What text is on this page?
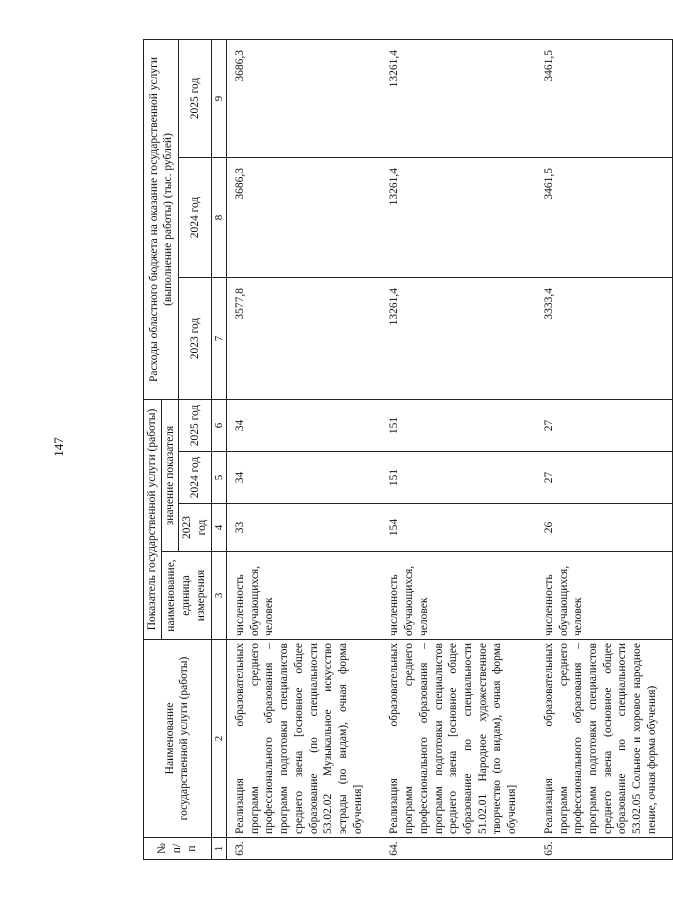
147
№ п/п	Наименование государственной услуги (работы)	Показатель государственной услуги (работы)				Расходы областного бюджета на оказание государственной услуги (выполнение работы) (тыс. рублей)		
		наименование, единица измерения	значение показателя					
			2023 год	2024 год	2025 год	2023 год	2024 год	2025 год
1	2	3	4	5	6	7	8	9
63.	Реализация образовательных программ среднего профессионального образования – программ подготовки специалистов среднего звена [основное общее образование (по специальности 53.02.02 Музыкальное искусство эстрады (по видам), очная форма обучения]	численность обучающихся, человек	33	34	34	3577,8	3686,3	3686,3
64.	Реализация образовательных программ среднего профессионального образования – программ подготовки специалистов среднего звена [основное общее образование по специальности 51.02.01 Народное художественное творчество (по видам), очная форма обучения]	численность обучающихся, человек	154	151	151	13261,4	13261,4	13261,4
65.	Реализация образовательных программ среднего профессионального образования – программ подготовки специалистов среднего звена (основное общее образование по специальности 53.02.05 Сольное и хоровое народное пение, очная форма обучения)	численность обучающихся, человек	26	27	27	3333,4	3461,5	3461,5
